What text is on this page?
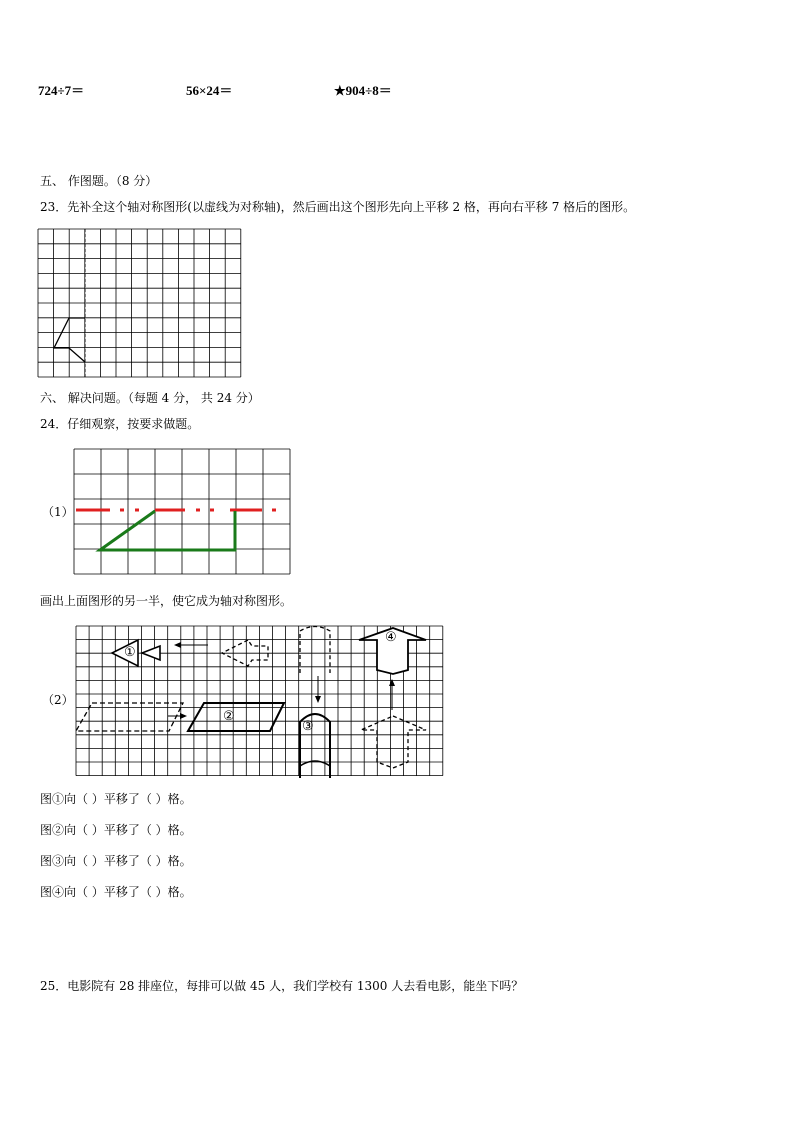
724÷7＝	56×24＝	★904÷8＝
五、 作图题。（8 分）
23．先补全这个轴对称图形(以虚线为对称轴)，然后画出这个图形先向上平移 2 格，再向右平移 7 格后的图形。
六、 解决问题。（每题 4 分， 共 24 分）
24．仔细观察，按要求做题。
（1）
画出上面图形的另一半，使它成为轴对称图形。
（2）
①
②
③
④
图①向（ ）平移了（ ）格。
图②向（ ）平移了（ ）格。
图③向（ ）平移了（ ）格。
图④向（ ）平移了（ ）格。
25．电影院有 28 排座位，每排可以做 45 人，我们学校有 1300 人去看电影，能坐下吗？
